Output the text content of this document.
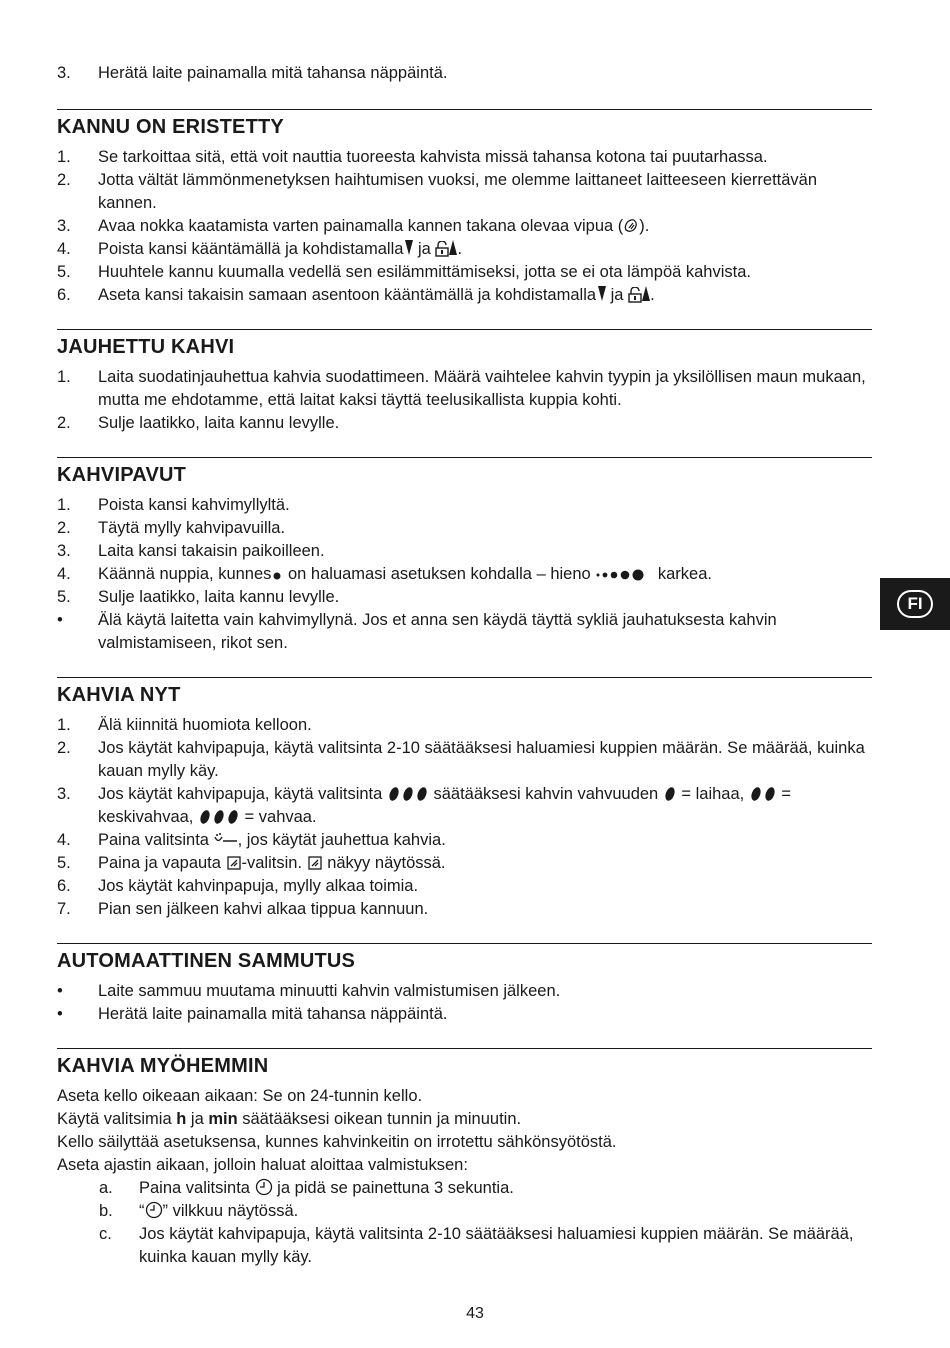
3. Herätä laite painamalla mitä tahansa näppäintä.
KANNU ON ERISTETTY
1. Se tarkoittaa sitä, että voit nauttia tuoreesta kahvista missä tahansa kotona tai puutarhassa.
2. Jotta vältät lämmönmenetyksen haihtumisen vuoksi, me olemme laittaneet laitteeseen kierrettävän kannen.
3. Avaa nokka kaatamista varten painamalla kannen takana olevaa vipua ( ).
4. Poista kansi kääntämällä ja kohdistamalla ja .
5. Huuhtele kannu kuumalla vedellä sen esilämmittämiseksi, jotta se ei ota lämpöä kahvista.
6. Aseta kansi takaisin samaan asentoon kääntämällä ja kohdistamalla ja .
JAUHETTU KAHVI
1. Laita suodatinjauhettua kahvia suodattimeen. Määrä vaihtelee kahvin tyypin ja yksilöllisen maun mukaan, mutta me ehdotamme, että laitat kaksi täyttä teelusikallista kuppia kohti.
2. Sulje laatikko, laita kannu levylle.
KAHVIPAVUT
1. Poista kansi kahvimyllyltä.
2. Täytä mylly kahvipavuilla.
3. Laita kansi takaisin paikoilleen.
4. Käännä nuppia, kunnes on haluamasi asetuksen kohdalla – hieno	karkea.
5. Sulje laatikko, laita kannu levylle.
• Älä käytä laitetta vain kahvimyllynä. Jos et anna sen käydä täyttä sykliä jauhatuksesta kahvin valmistamiseen, rikot sen.
KAHVIA NYT
1. Älä kiinnitä huomiota kelloon.
2. Jos käytät kahvipapuja, käytä valitsinta 2-10 säätääksesi haluamiesi kuppien määrän. Se määrää, kuinka kauan mylly käy.
3. Jos käytät kahvipapuja, käytä valitsinta	säätääksesi kahvin vahvuuden  = laihaa,  = keskivahvaa,	= vahvaa.
4. Paina valitsinta , jos käytät jauhettua kahvia.
5. Paina ja vapauta -valitsin.  näkyy näytössä.
6. Jos käytät kahvinpapuja, mylly alkaa toimia.
7. Pian sen jälkeen kahvi alkaa tippua kannuun.
AUTOMAATTINEN SAMMUTUS
• Laite sammuu muutama minuutti kahvin valmistumisen jälkeen.
• Herätä laite painamalla mitä tahansa näppäintä.
KAHVIA MYÖHEMMIN

Aseta kello oikeaan aikaan: Se on 24-tunnin kello.

Käytä valitsimia h ja min säätääksesi oikean tunnin ja minuutin.

Kello säilyttää asetuksensa, kunnes kahvinkeitin on irrotettu sähkönsyötöstä.

Aseta ajastin aikaan, jolloin haluat aloittaa valmistuksen:

a. Paina valitsinta  ja pidä se painettuna 3 sekuntia.
b. “ ” vilkkuu näytössä.
c. Jos käytät kahvipapuja, käytä valitsinta 2-10 säätääksesi haluamiesi kuppien määrän. Se määrää, kuinka kauan mylly käy.
FI
43
